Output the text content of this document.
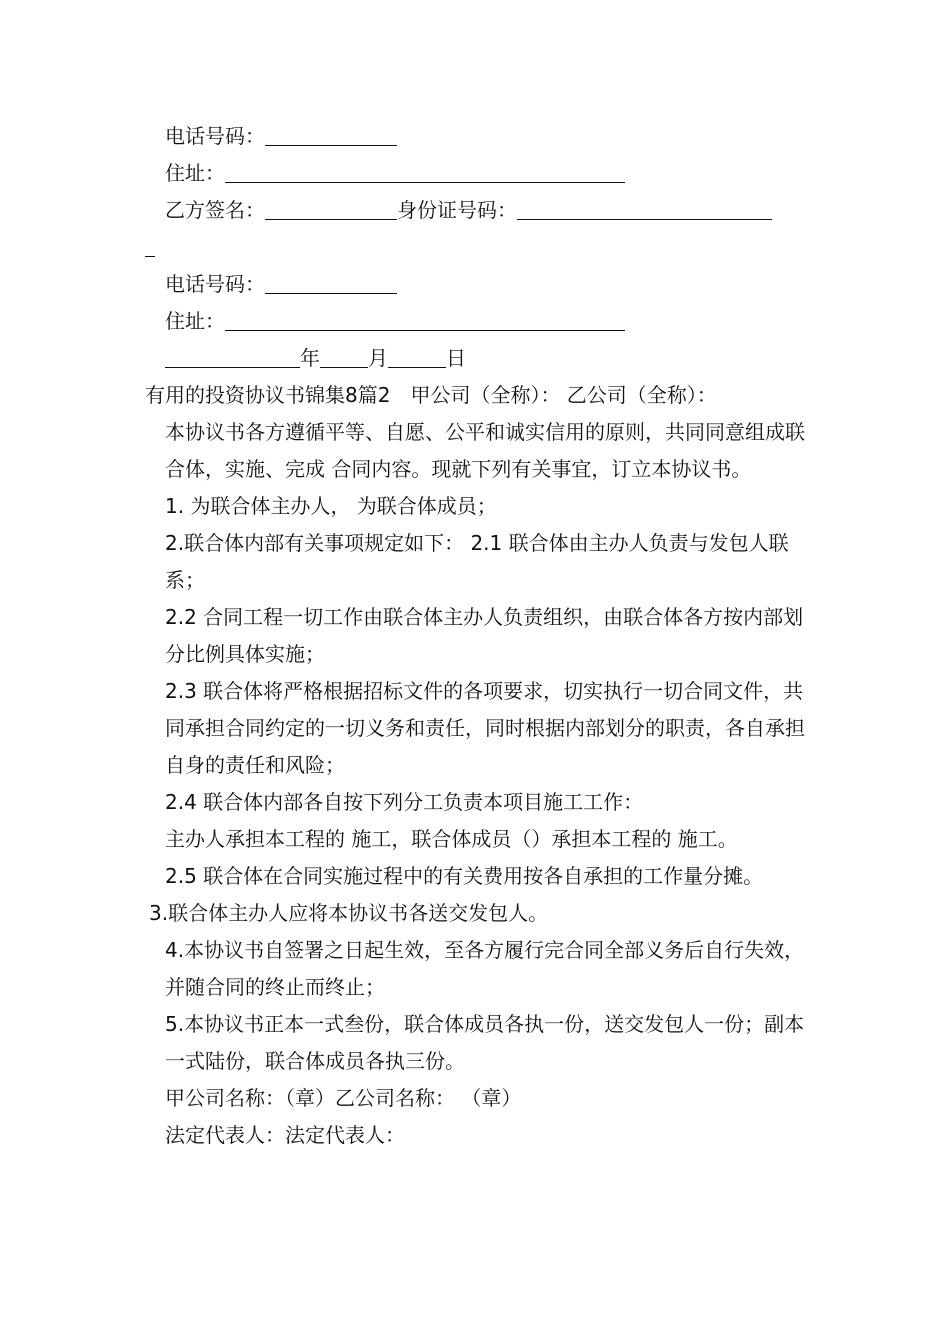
电话号码：
住址：
乙方签名：	身份证号码：
电话号码：
住址：
年 月	日
有用的投资协议书锦集8篇2　甲公司（全称）： 乙公司（全称）：

本协议书各方遵循平等、自愿、公平和诚实信用的原则，共同同意组成联合体，实施、完成 合同内容。现就下列有关事宜，订立本协议书。

1. 为联合体主办人， 为联合体成员；

2.联合体内部有关事项规定如下： 2.1 联合体由主办人负责与发包人联系；

2.2 合同工程一切工作由联合体主办人负责组织，由联合体各方按内部划分比例具体实施；

2.3 联合体将严格根据招标文件的各项要求，切实执行一切合同文件，共同承担合同约定的一切义务和责任，同时根据内部划分的职责，各自承担自身的责任和风险；

2.4 联合体内部各自按下列分工负责本项目施工工作：

主办人承担本工程的 施工，联合体成员（）承担本工程的 施工。

2.5 联合体在合同实施过程中的有关费用按各自承担的工作量分摊。

3.联合体主办人应将本协议书各送交发包人。

4.本协议书自签署之日起生效，至各方履行完合同全部义务后自行失效，并随合同的终止而终止；

5.本协议书正本一式叁份，联合体成员各执一份，送交发包人一份；副本一式陆份，联合体成员各执三份。

甲公司名称：（章）乙公司名称： （章）

法定代表人：法定代表人：
